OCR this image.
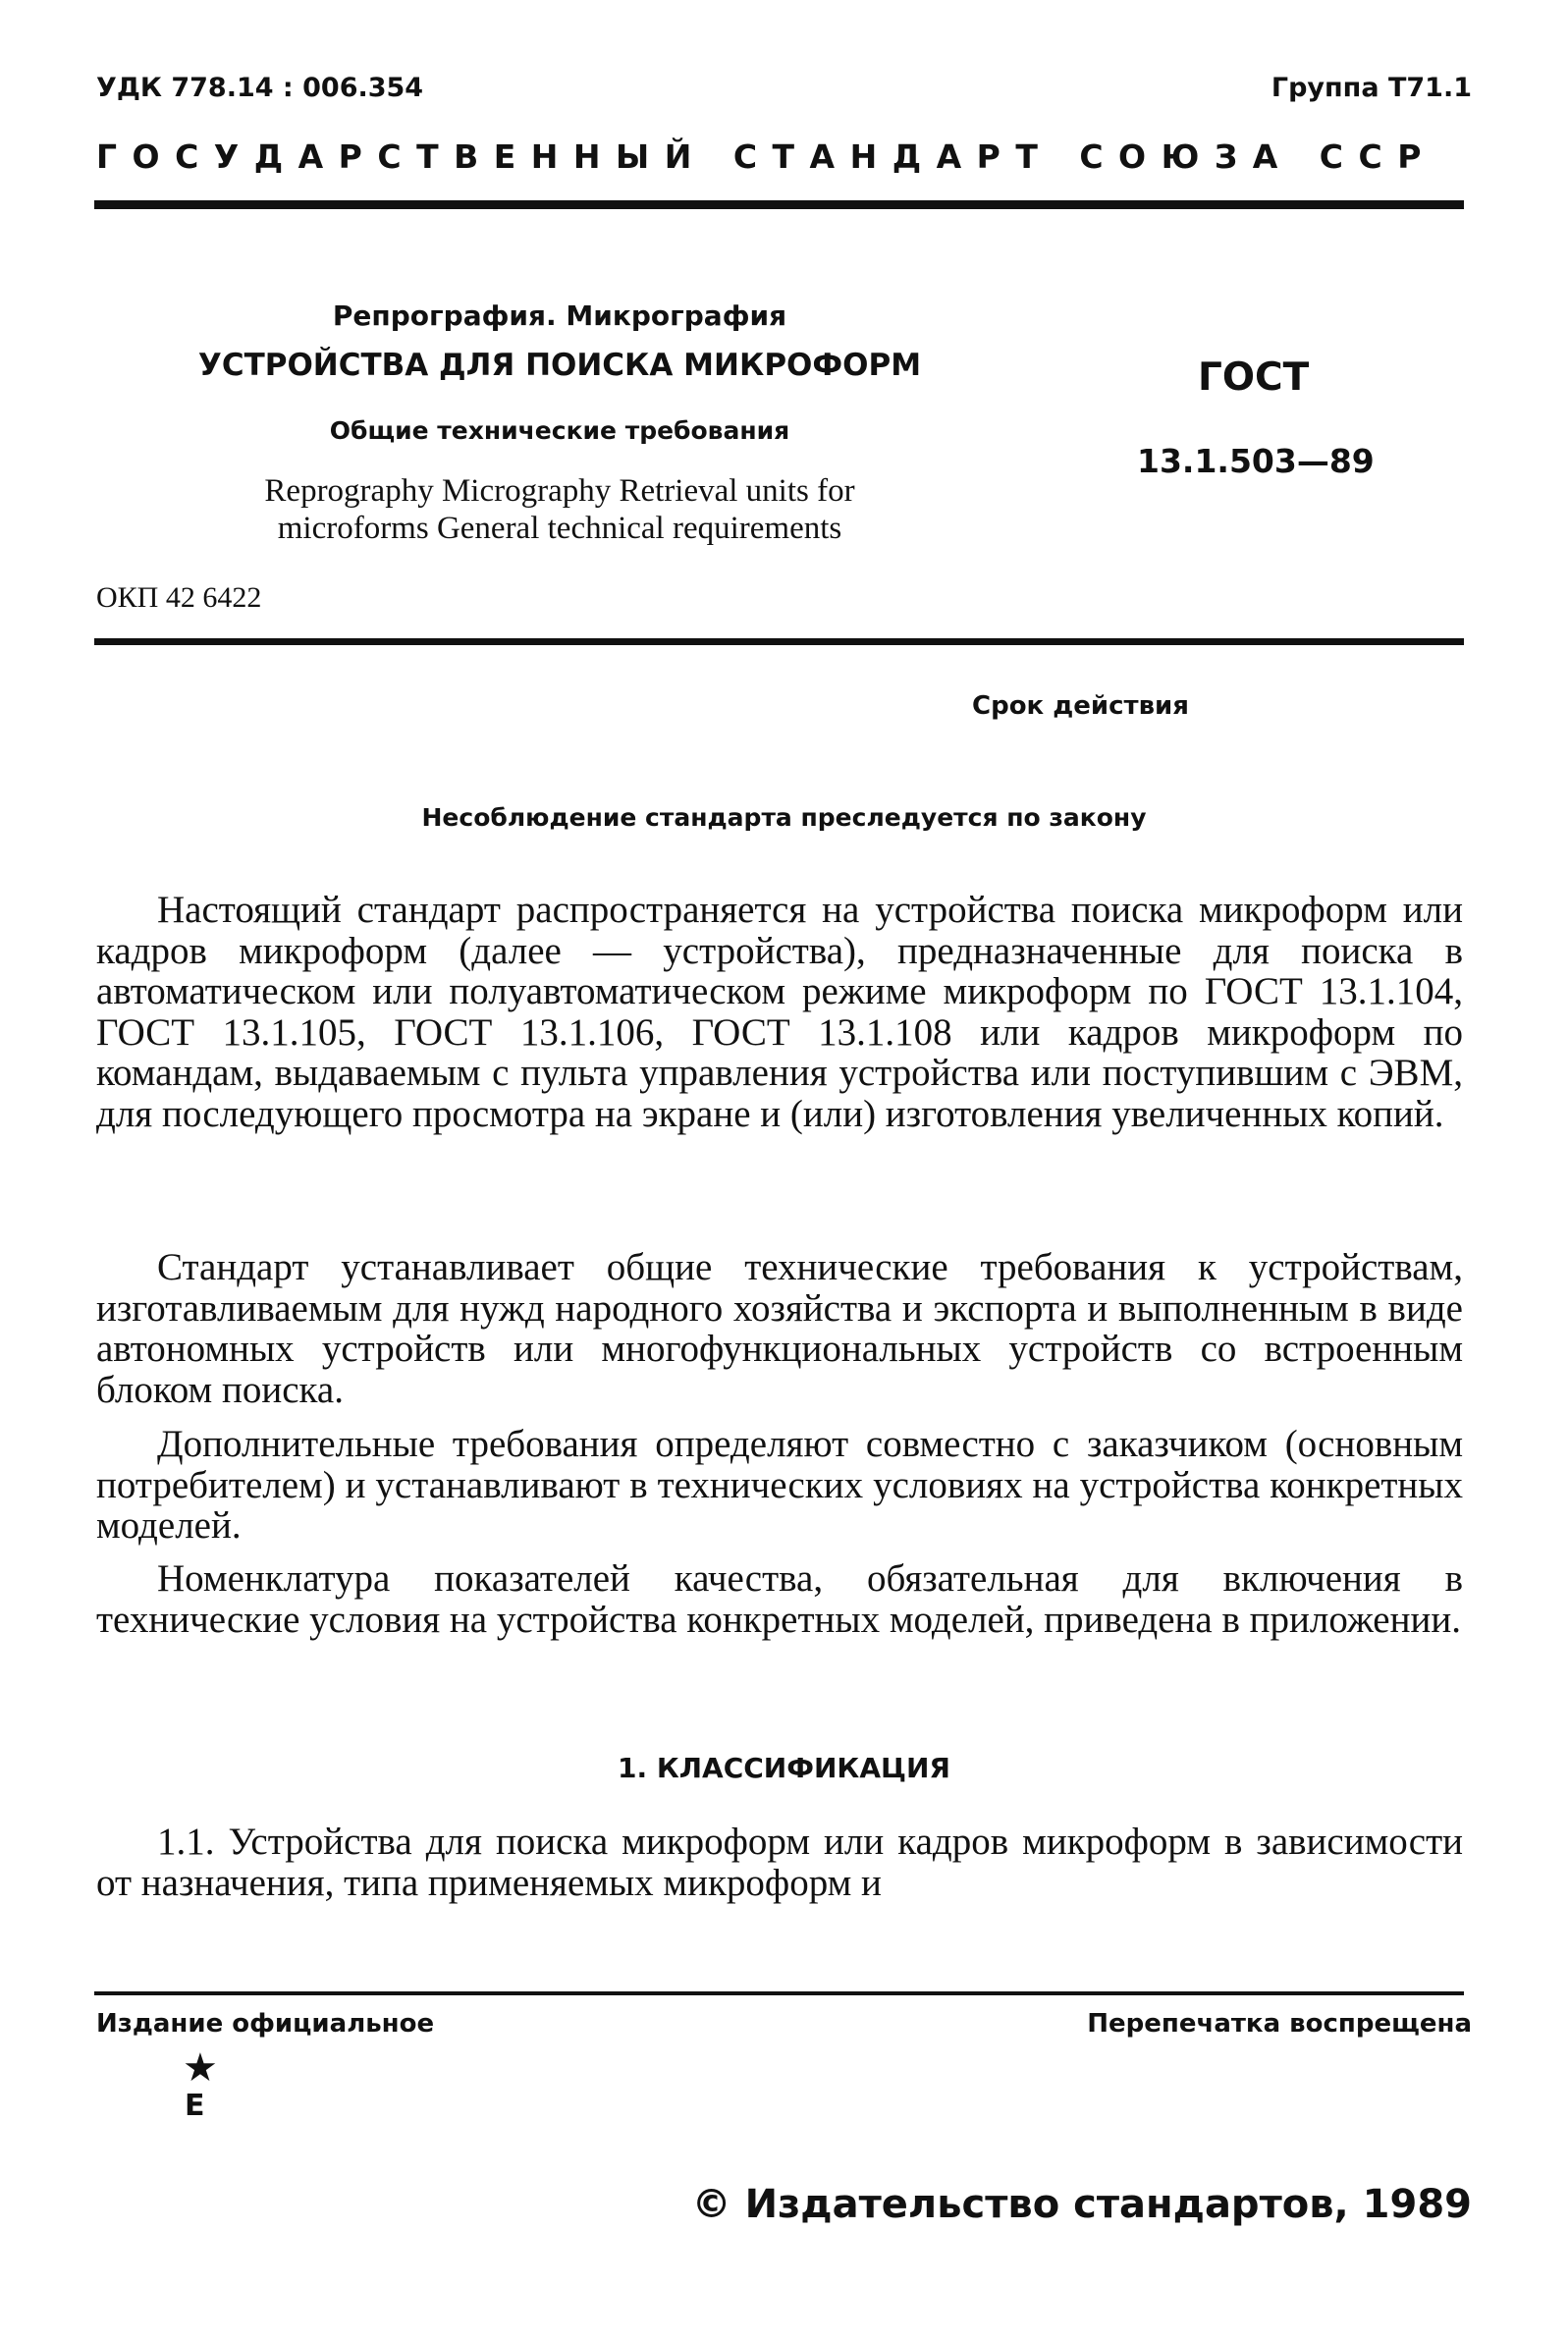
УДК 778.14 : 006.354	Группа Т71.1
ГОСУДАРСТВЕННЫЙ СТАНДАРТ СОЮЗА ССР
Репрография. Микрография
УСТРОЙСТВА ДЛЯ ПОИСКА МИКРОФОРМ
Общие технические требования
Reprography Micrography Retrieval units for
microforms General technical requirements
ГОСТ
13.1.503—89
ОКП 42 6422
Срок действия
Несоблюдение стандарта преследуется по закону
Настоящий стандарт распространяется на устройства поиска микроформ или кадров микроформ (далее — устройства), предназначенные для поиска в автоматическом или полуавтоматическом режиме микроформ по ГОСТ 13.1.104, ГОСТ 13.1.105, ГОСТ 13.1.106, ГОСТ 13.1.108 или кадров микроформ по командам, выдаваемым с пульта управления устройства или поступившим с ЭВМ, для последующего просмотра на экране и (или) изготовления увеличенных копий.
Стандарт устанавливает общие технические требования к устройствам, изготавливаемым для нужд народного хозяйства и экспорта и выполненным в виде автономных устройств или многофункциональных устройств со встроенным блоком поиска.
Дополнительные требования определяют совместно с заказчиком (основным потребителем) и устанавливают в технических условиях на устройства конкретных моделей.
Номенклатура показателей качества, обязательная для включения в технические условия на устройства конкретных моделей, приведена в приложении.
1. КЛАССИФИКАЦИЯ
1.1. Устройства для поиска микроформ или кадров микроформ в зависимости от назначения, типа применяемых микроформ и
Издание официальное	Перепечатка воспрещена
★
Е
© Издательство стандартов, 1989
